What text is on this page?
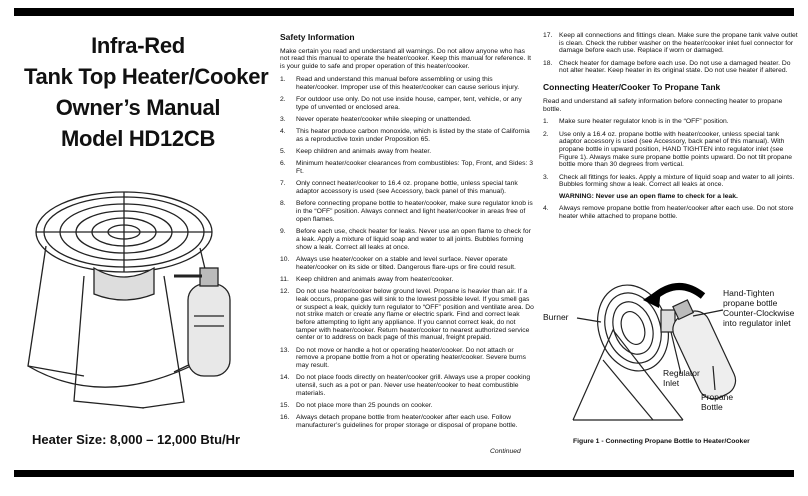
Infra-Red
Tank Top Heater/Cooker
Owner’s Manual
Model HD12CB
Heater Size: 8,000 – 12,000 Btu/Hr
Safety Information
Make certain you read and understand all warnings. Do not allow anyone who has not read this manual to operate the heater/cooker. Keep this manual for reference. It is your guide to safe and proper operation of this heater/cooker.
1.	Read and understand this manual before assembling or using this heater/cooker. Improper use of this heater/cooker can cause serious injury.
2.	For outdoor use only. Do not use inside house, camper, tent, vehicle, or any type of unvented or enclosed area.
3.	Never operate heater/cooker while sleeping or unattended.
4.	This heater produce carbon monoxide, which is listed by the state of California as a reproductive toxin under Proposition 65.
5.	Keep children and animals away from heater.
6.	Minimum heater/cooker clearances from combustibles: Top, Front, and Sides: 3 Ft.
7.	Only connect heater/cooker to 16.4 oz. propane bottle, unless special tank adaptor accessory is used (see Accessory, back panel of this manual).
8.	Before connecting propane bottle to heater/cooker, make sure regulator knob is in the “OFF” position. Always connect and light heater/cooker in areas free of open flames.
9.	Before each use, check heater for leaks. Never use an open flame to check for a leak. Apply a mixture of liquid soap and water to all joints. Bubbles forming show a leak. Correct all leaks at once.
10. Always use heater/cooker on a stable and level surface. Never operate heater/cooker on its side or tilted. Dangerous flare-ups or fire could result.
11.	Keep children and animals away from heater/cooker.
12. Do not use heater/cooker below ground level. Propane is heavier than air. If a leak occurs, propane gas will sink to the lowest possible level. If you smell gas or suspect a leak, quickly turn regulator to “OFF” position and ventilate area. Do not strike match or create any flame or electric spark. Find and correct leak before attempting to light any appliance. If you cannot correct leak, do not tamper with heater/cooker. Return heater/cooker to nearest authorized service center or to address on back page of this manual, freight prepaid.
13. Do not move or handle a hot or operating heater/cooker. Do not attach or remove a propane bottle from a hot or operating heater/cooker. Severe burns may result.
14. Do not place foods directly on heater/cooker grill. Always use a proper cooking utensil, such as a pot or pan. Never use heater/cooker to heat combustible materials.
15. Do not place more than 25 pounds on cooker.
16. Always detach propane bottle from heater/cooker after each use. Follow manufacturer’s guidelines for proper storage or disposal of propane bottle.
Continued
17. Keep all connections and fittings clean. Make sure the propane tank valve outlet is clean. Check the rubber washer on the heater/cooker inlet fuel connector for damage before each use. Replace if worn or damaged.
18. Check heater for damage before each use. Do not use a damaged heater. Do not alter heater. Keep heater in its original state. Do not use heater if altered.
Connecting Heater/Cooker To Propane Tank
Read and understand all safety information before connecting heater to propane bottle.
1.	Make sure heater regulator knob is in the “OFF” position.
2.	Use only a 16.4 oz. propane bottle with heater/cooker, unless special tank adaptor accessory is used (see Accessory, back panel of this manual). With propane bottle in upward position, HAND TIGHTEN into regulator inlet (see Figure 1). Always make sure propane bottle points upward. Do not tilt propane bottle more than 30 degrees from vertical.
3.	Check all fittings for leaks. Apply a mixture of liquid soap and water to all joints. Bubbles forming show a leak. Correct all leaks at once.
WARNING: Never use an open flame to check for a leak.
4.	Always remove propane bottle from heater/cooker after each use. Do not store heater while attached to propane bottle.
Burner
Hand-Tighten
propane bottle
Counter-Clockwise
into regulator inlet
Regulator
Inlet
Propane
Bottle
Figure 1 - Connecting Propane Bottle to Heater/Cooker
